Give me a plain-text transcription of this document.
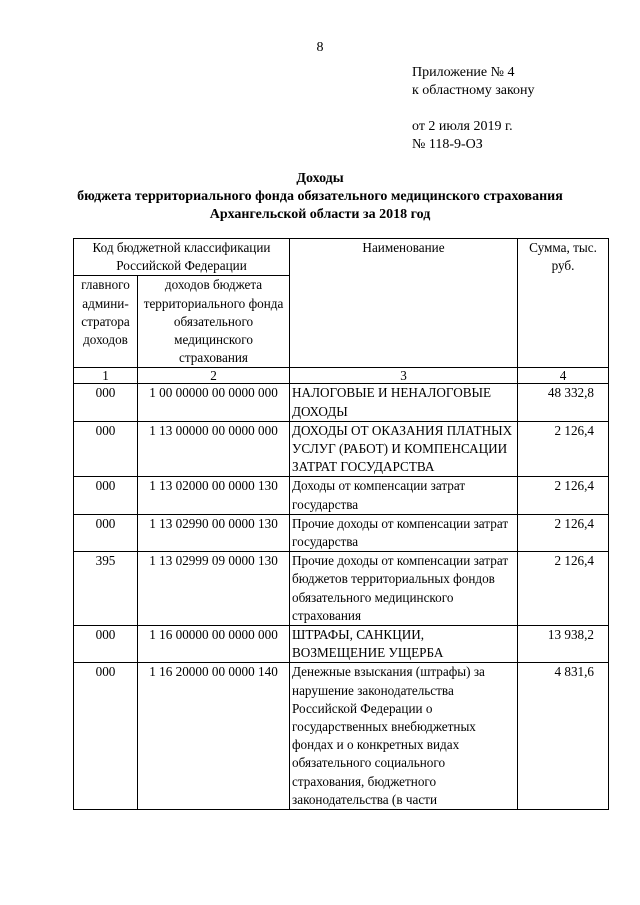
8
Приложение № 4
к областному закону
от 2 июля 2019 г.
№ 118-9-ОЗ
Доходы
бюджета территориального фонда обязательного медицинского страхования
Архангельской области за 2018 год
Код бюджетной классификации Российской Федерации		Наименование	Сумма, тыс. руб.
главного админи-стратора доходов	доходов бюджета территориального фонда обязательного медицинского страхования		
1	2	3	4
000	1 00 00000 00 0000 000	НАЛОГОВЫЕ И НЕНАЛОГОВЫЕ ДОХОДЫ	48 332,8
000	1 13 00000 00 0000 000	ДОХОДЫ ОТ ОКАЗАНИЯ ПЛАТНЫХ УСЛУГ (РАБОТ) И КОМПЕНСАЦИИ ЗАТРАТ ГОСУДАРСТВА	2 126,4
000	1 13 02000 00 0000 130	Доходы от компенсации затрат государства	2 126,4
000	1 13 02990 00 0000 130	Прочие доходы от компенсации затрат государства	2 126,4
395	1 13 02999 09 0000 130	Прочие доходы от компенсации затрат бюджетов территориальных фондов обязательного медицинского страхования	2 126,4
000	1 16 00000 00 0000 000	ШТРАФЫ, САНКЦИИ, ВОЗМЕЩЕНИЕ УЩЕРБА	13 938,2
000	1 16 20000 00 0000 140	Денежные взыскания (штрафы) за нарушение законодательства Российской Федерации о государственных внебюджетных фондах и о конкретных видах обязательного социального страхования, бюджетного законодательства (в части	4 831,6
